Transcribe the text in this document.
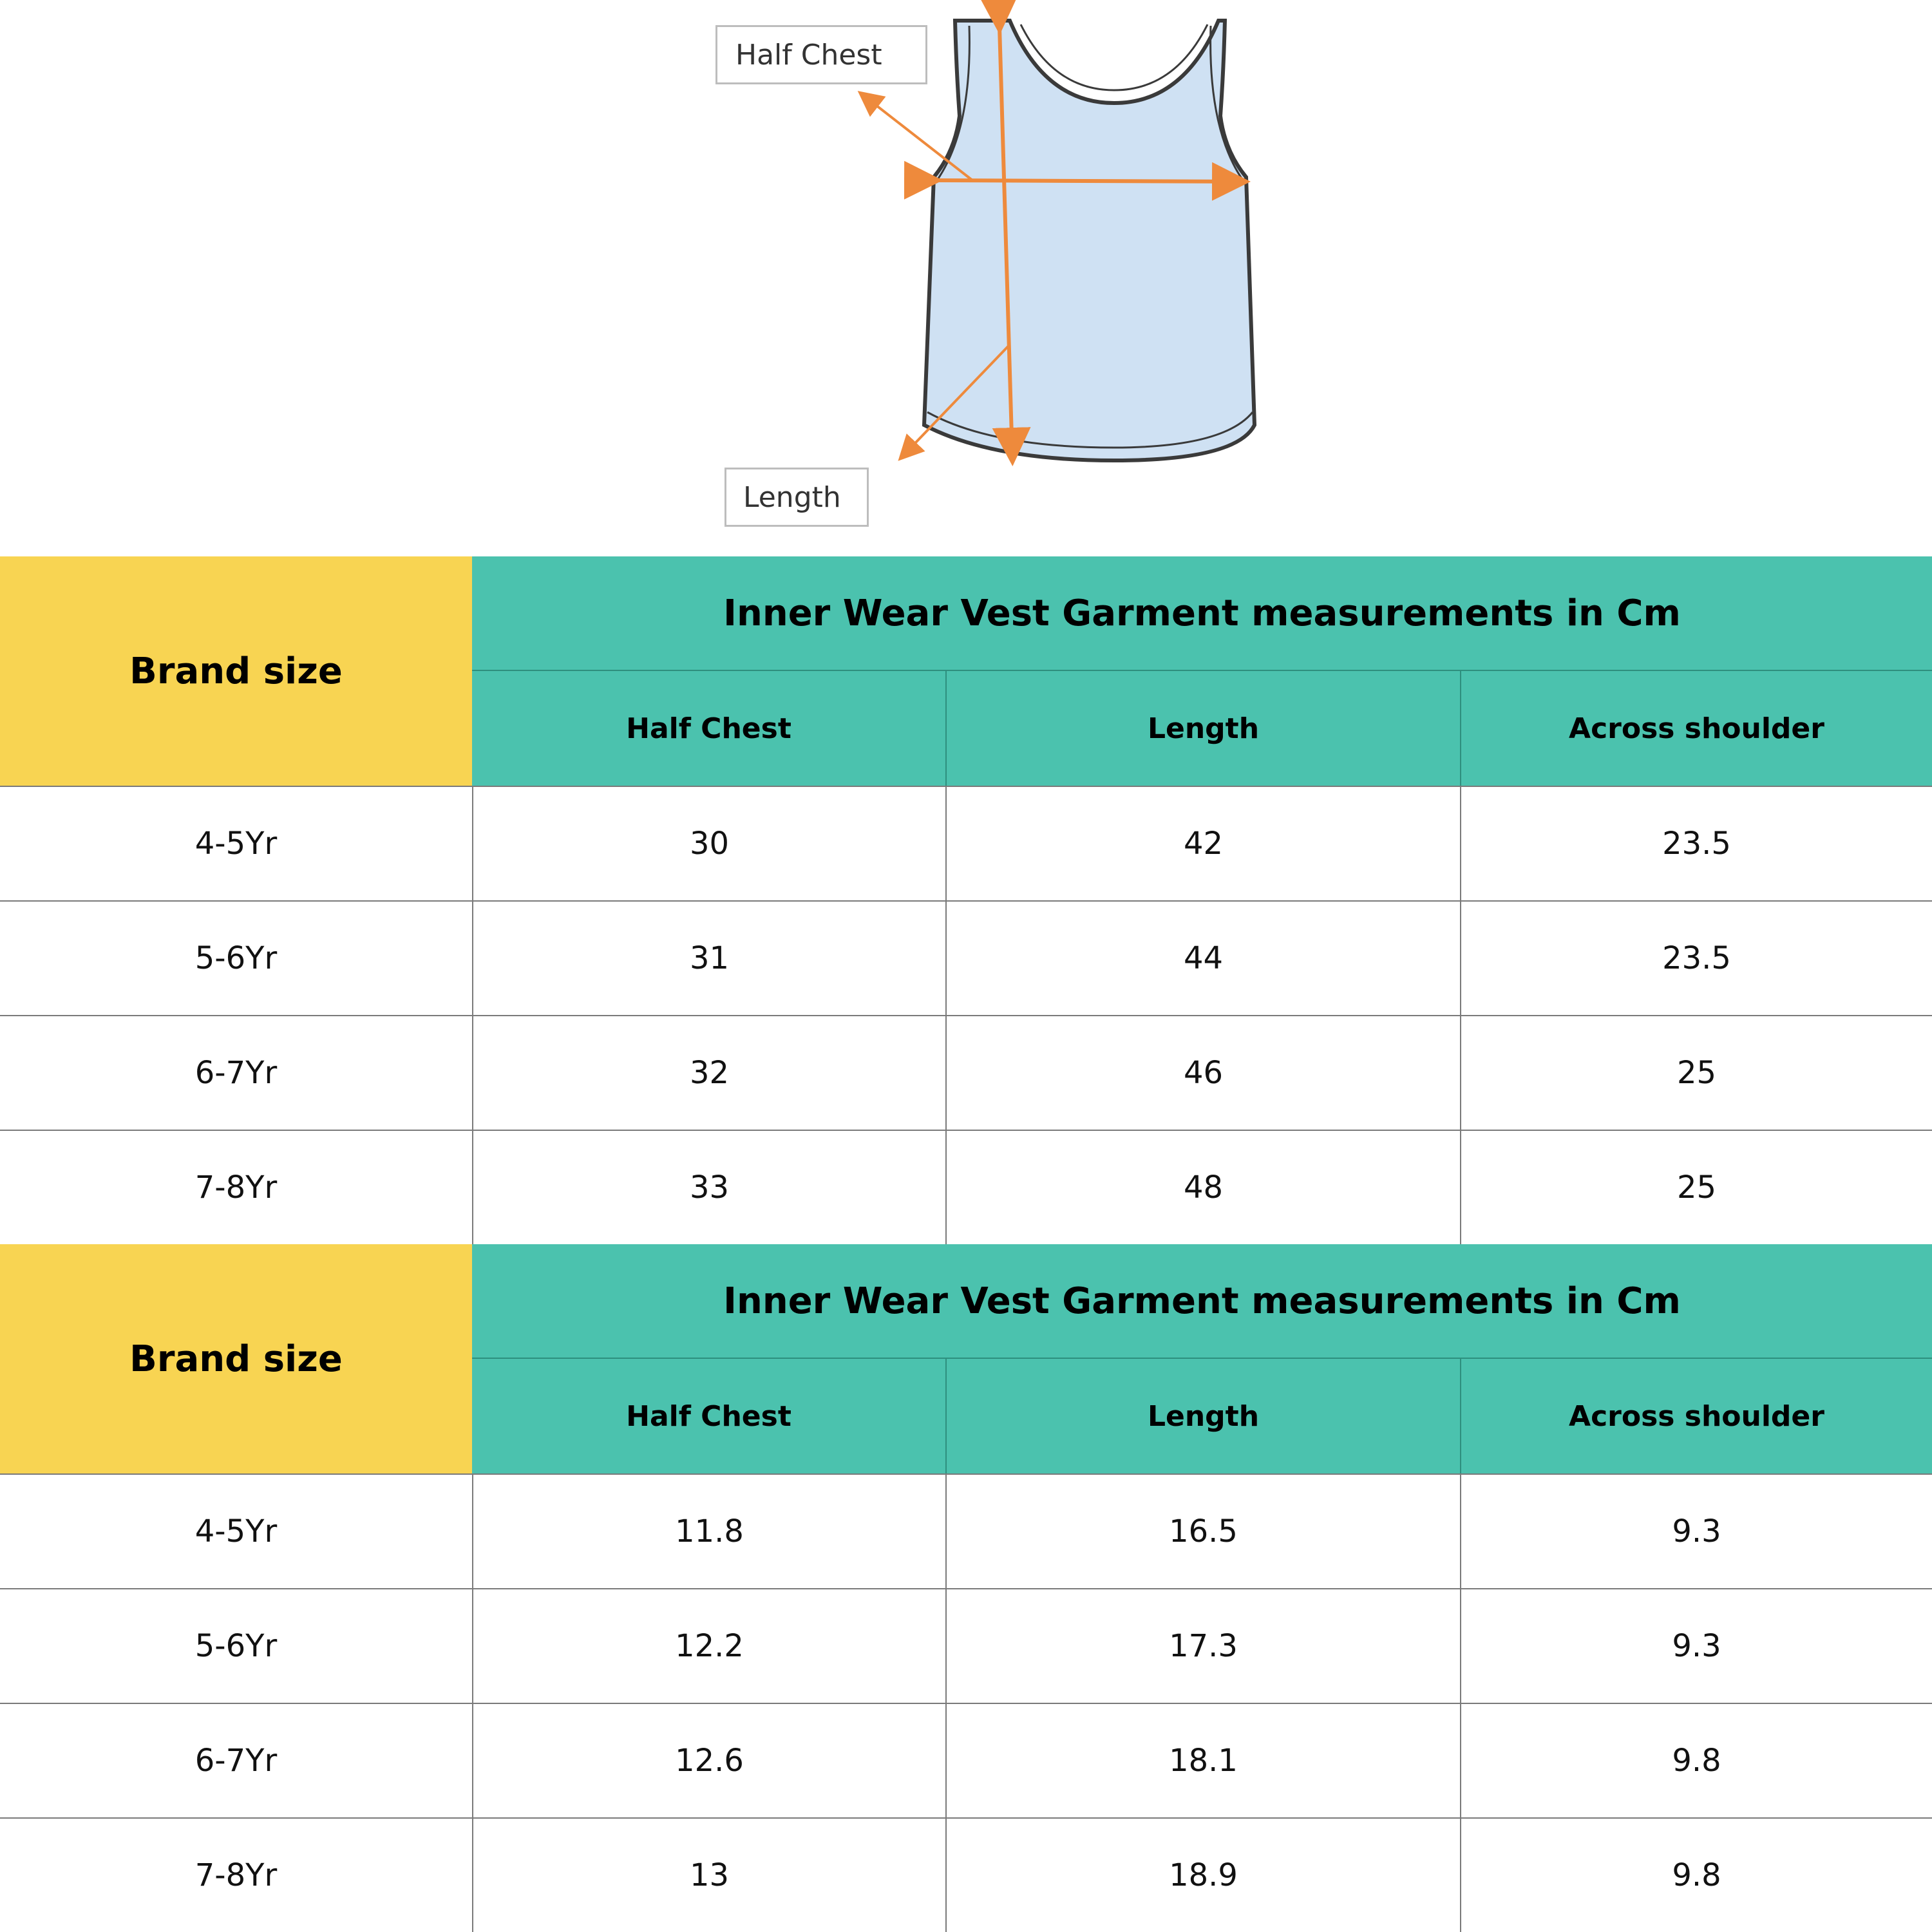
Half Chest
Length
Brand size
Inner Wear Vest Garment measurements in Cm
Half Chest	Length	Across shoulder
4-5Yr	30	42	23.5
5-6Yr	31	44	23.5
6-7Yr	32	46	25
7-8Yr	33	48	25
Brand size
Inner Wear Vest Garment measurements in Cm
Half Chest	Length	Across shoulder
4-5Yr	11.8	16.5	9.3
5-6Yr	12.2	17.3	9.3
6-7Yr	12.6	18.1	9.8
7-8Yr	13	18.9	9.8
